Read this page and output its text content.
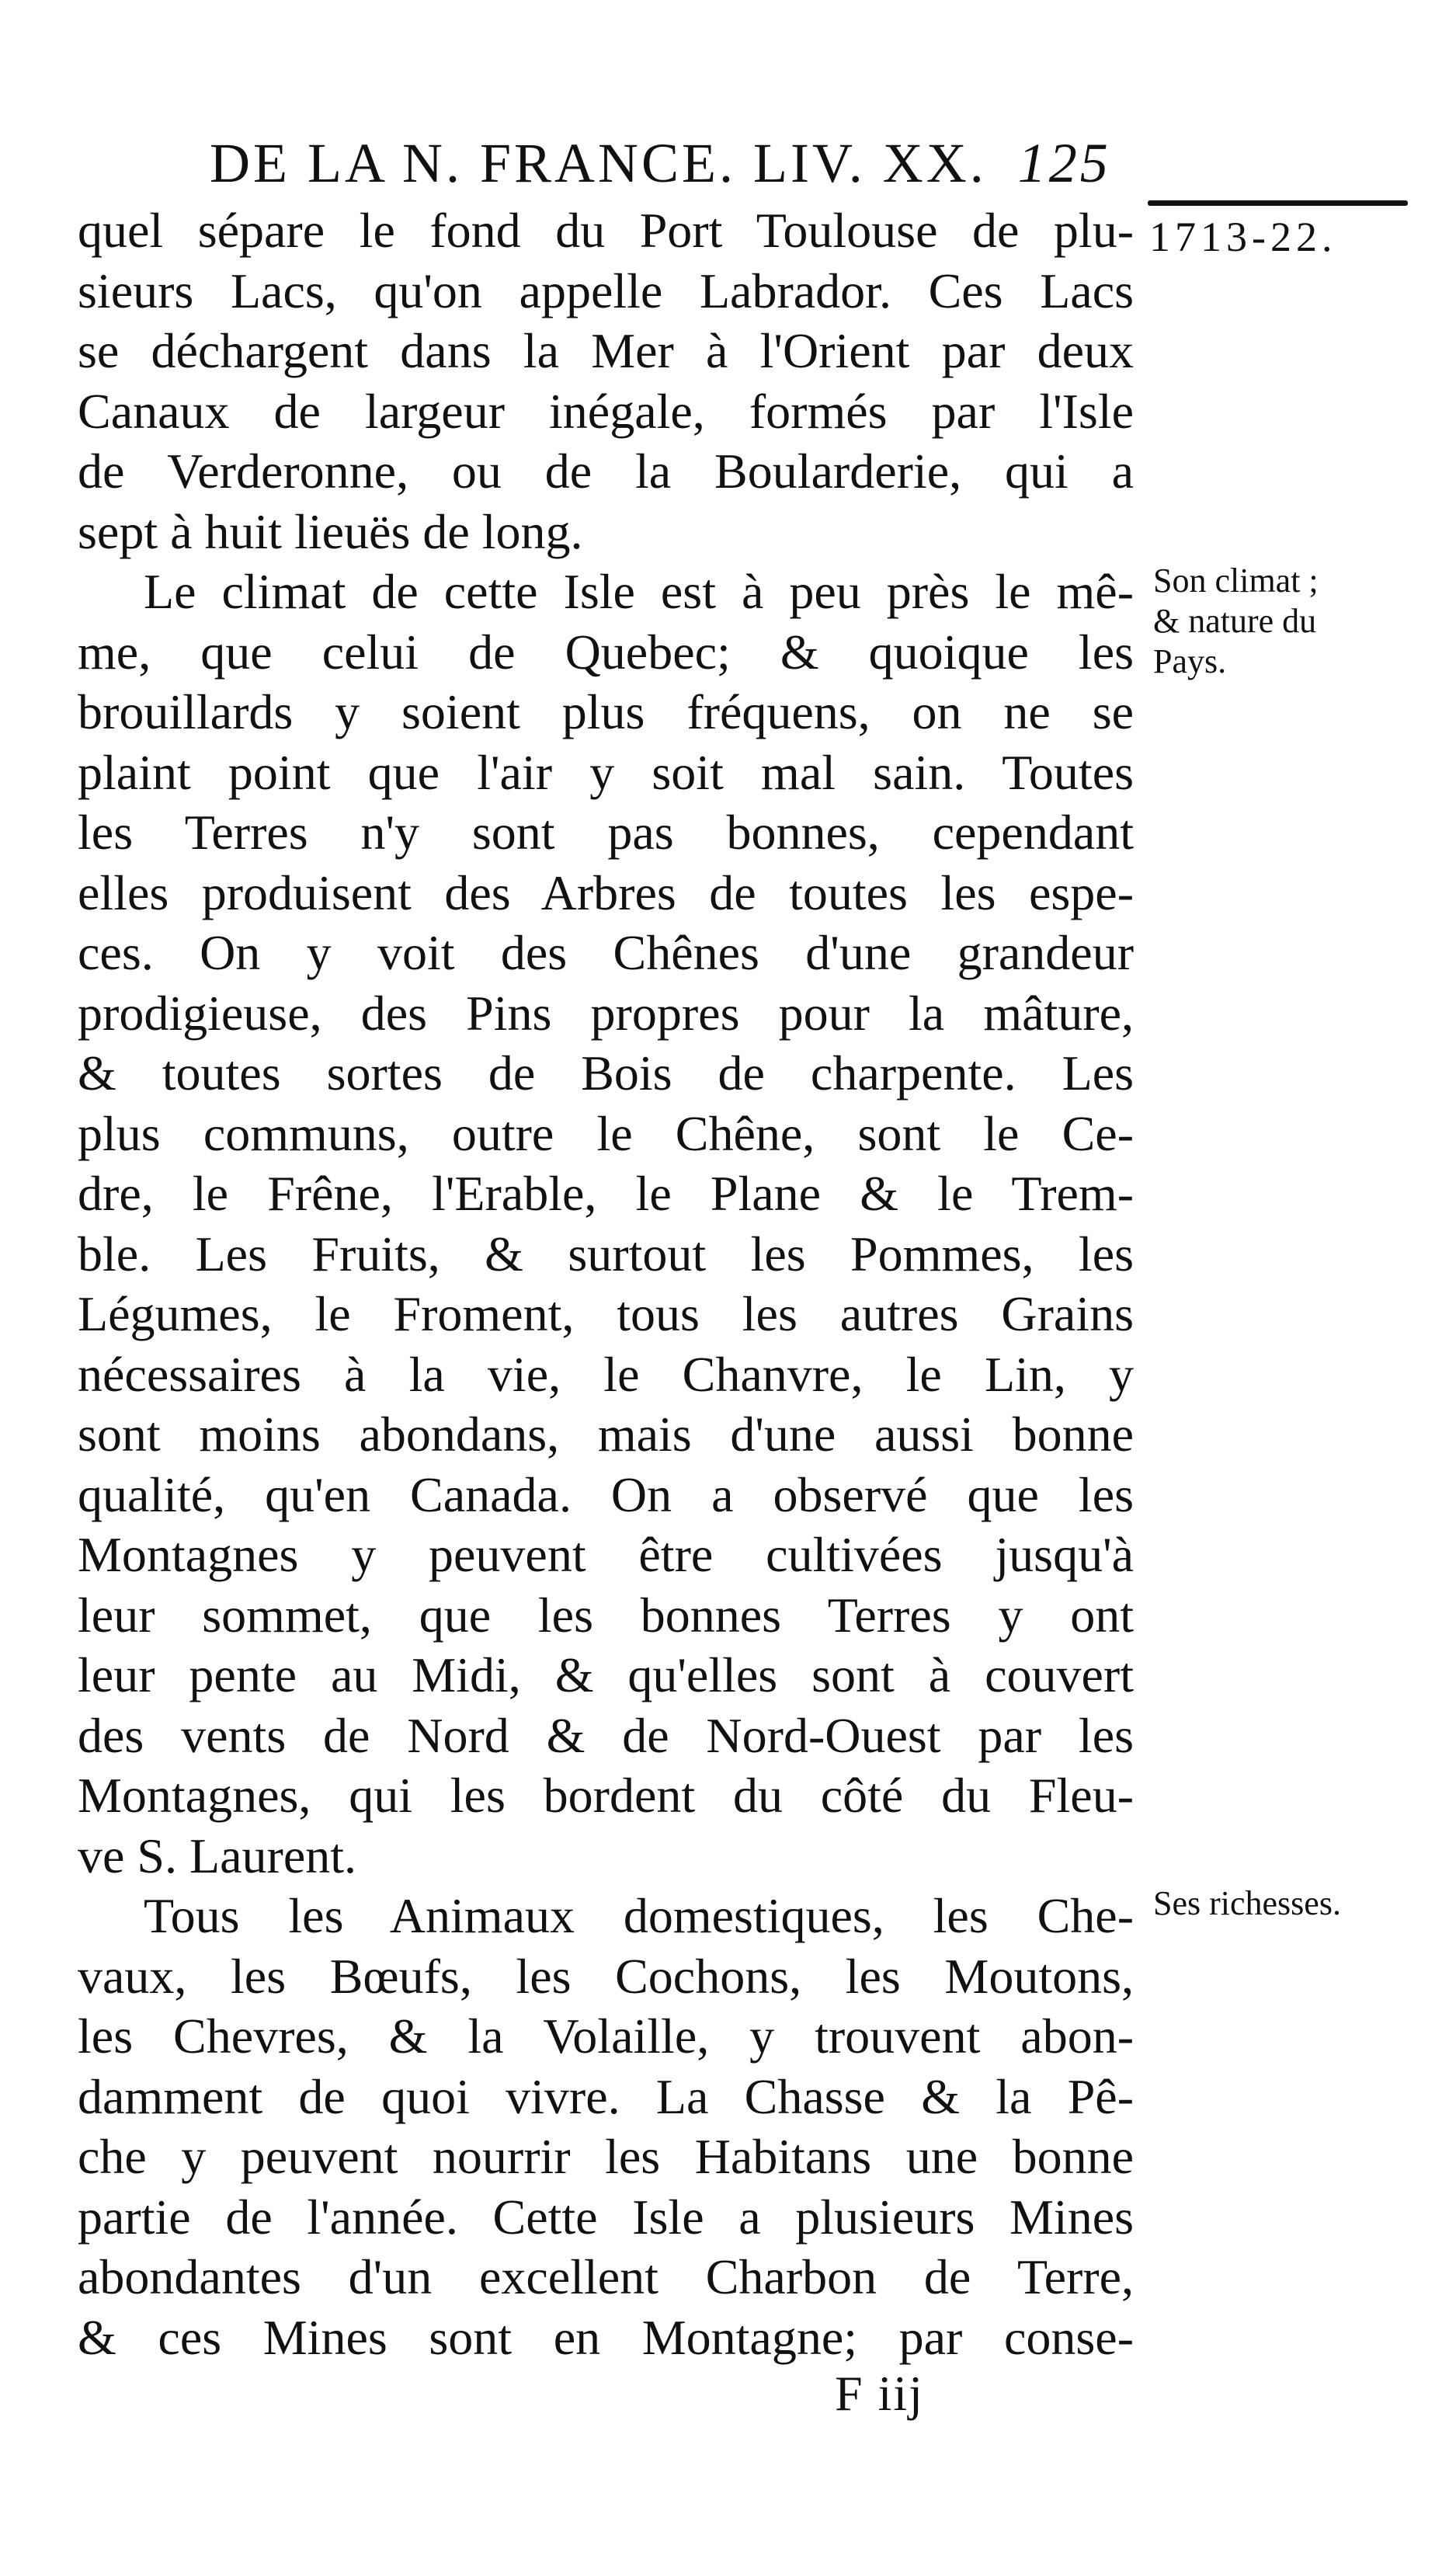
DE LA N. FRANCE. LIV. XX. 125
1713-22.
quel sépare le fond du Port Toulouse de plu-
sieurs Lacs, qu'on appelle Labrador. Ces Lacs
se déchargent dans la Mer à l'Orient par deux
Canaux de largeur inégale, formés par l'Isle
de Verderonne, ou de la Boularderie, qui a
sept à huit lieuës de long.
Le climat de cette Isle est à peu près le mê-
me, que celui de Quebec; & quoique les
brouillards y soient plus fréquens, on ne se
plaint point que l'air y soit mal sain. Toutes
les Terres n'y sont pas bonnes, cependant
elles produisent des Arbres de toutes les espe-
ces. On y voit des Chênes d'une grandeur
prodigieuse, des Pins propres pour la mâture,
& toutes sortes de Bois de charpente. Les
plus communs, outre le Chêne, sont le Ce-
dre, le Frêne, l'Erable, le Plane & le Trem-
ble. Les Fruits, & surtout les Pommes, les
Légumes, le Froment, tous les autres Grains
nécessaires à la vie, le Chanvre, le Lin, y
sont moins abondans, mais d'une aussi bonne
qualité, qu'en Canada. On a observé que les
Montagnes y peuvent être cultivées jusqu'à
leur sommet, que les bonnes Terres y ont
leur pente au Midi, & qu'elles sont à couvert
des vents de Nord & de Nord-Ouest par les
Montagnes, qui les bordent du côté du Fleu-
ve S. Laurent.
Tous les Animaux domestiques, les Che-
vaux, les Bœufs, les Cochons, les Moutons,
les Chevres, & la Volaille, y trouvent abon-
damment de quoi vivre. La Chasse & la Pê-
che y peuvent nourrir les Habitans une bonne
partie de l'année. Cette Isle a plusieurs Mines
abondantes d'un excellent Charbon de Terre,
& ces Mines sont en Montagne; par conse-
Son climat ;
& nature du
Pays.
Ses richesses.
F iij
